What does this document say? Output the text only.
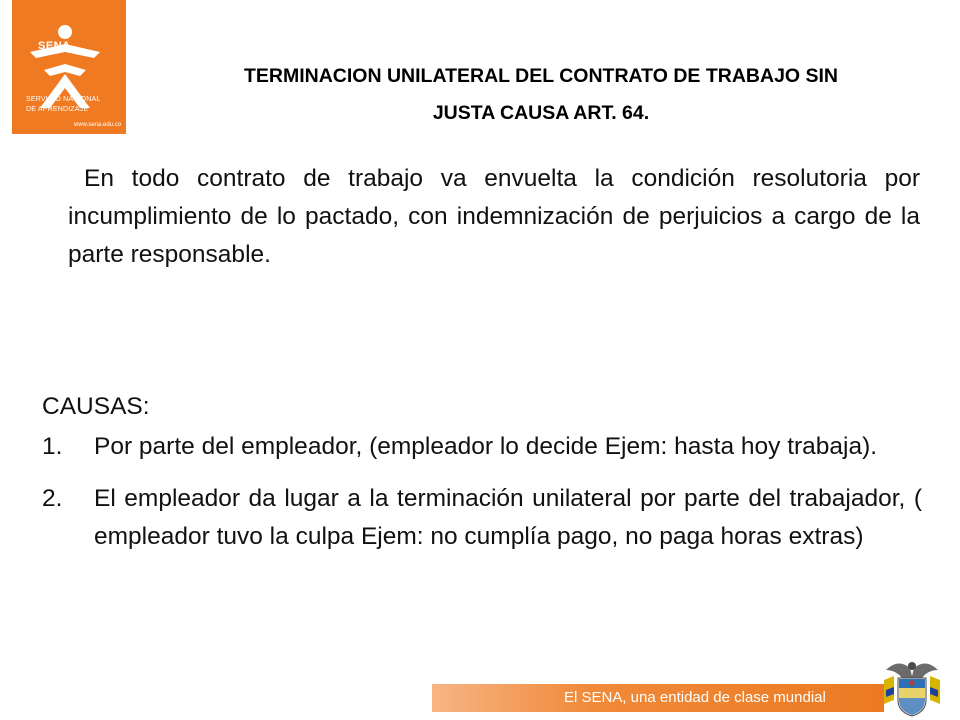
SENA
SERVICIO NACIONAL
DE APRENDIZAJE
www.sena.edu.co
TERMINACION UNILATERAL DEL CONTRATO DE TRABAJO SIN
JUSTA CAUSA ART. 64.

En todo contrato de trabajo va envuelta la condición resolutoria por incumplimiento de lo pactado, con indemnización de perjuicios a cargo de la parte responsable.

CAUSAS:
1. Por parte del empleador, (empleador lo decide Ejem: hasta hoy trabaja).
2. El empleador da lugar a la terminación unilateral por parte del trabajador, ( empleador tuvo la culpa Ejem: no cumplía pago, no paga horas extras)
El SENA, una entidad de clase mundial
